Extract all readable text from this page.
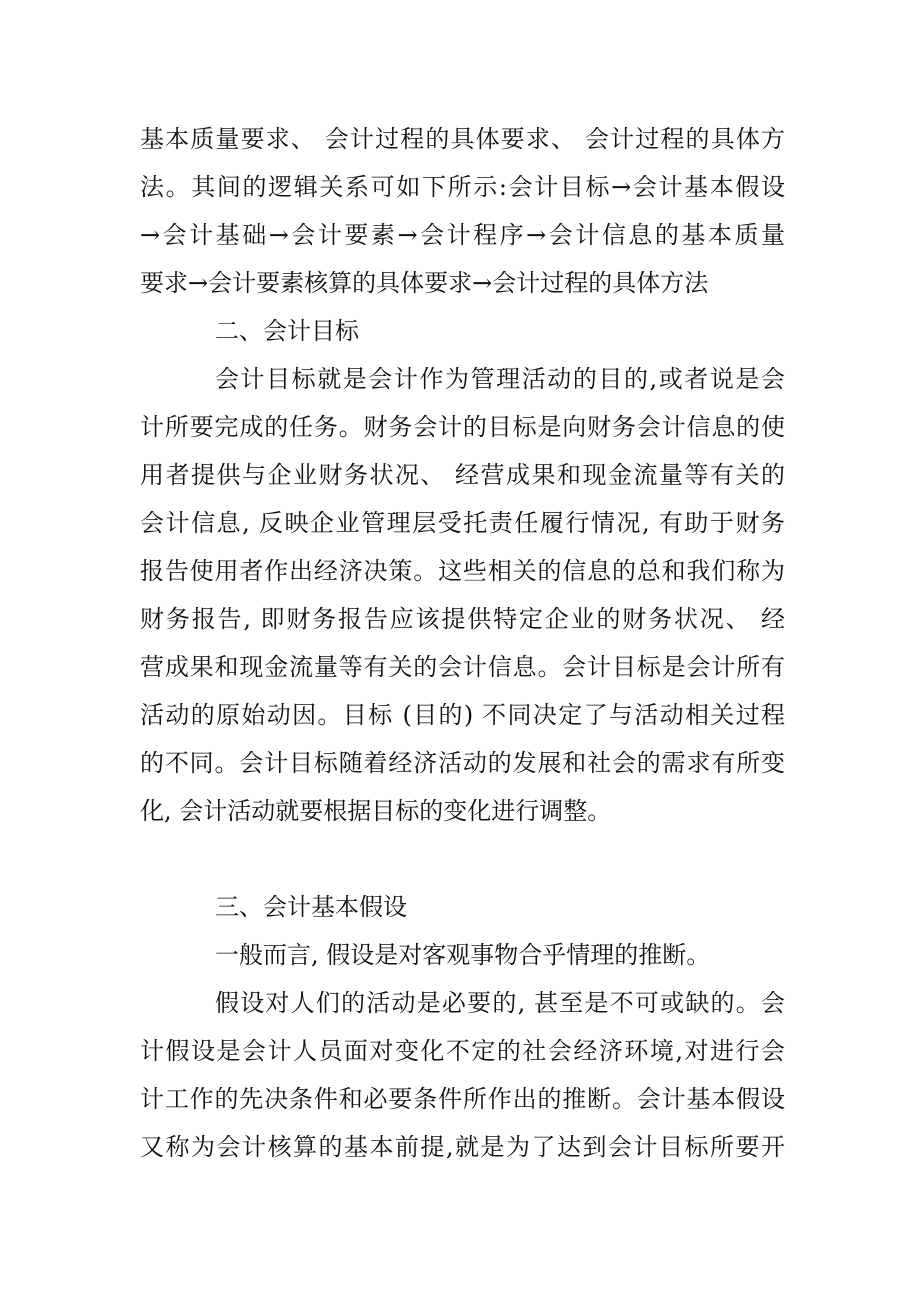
基本质量要求、 会计过程的具体要求、 会计过程的具体方
法。其间的逻辑关系可如下所示:会计目标→会计基本假设
→会计基础→会计要素→会计程序→会计信息的基本质量
要求→会计要素核算的具体要求→会计过程的具体方法
二、会计目标
会计目标就是会计作为管理活动的目的,或者说是会
计所要完成的任务。财务会计的目标是向财务会计信息的使
用者提供与企业财务状况、 经营成果和现金流量等有关的
会计信息, 反映企业管理层受托责任履行情况, 有助于财务
报告使用者作出经济决策。这些相关的信息的总和我们称为
财务报告, 即财务报告应该提供特定企业的财务状况、 经
营成果和现金流量等有关的会计信息。会计目标是会计所有
活动的原始动因。目标 (目的) 不同决定了与活动相关过程
的不同。会计目标随着经济活动的发展和社会的需求有所变
化, 会计活动就要根据目标的变化进行调整。
三、会计基本假设
一般而言, 假设是对客观事物合乎情理的推断。
假设对人们的活动是必要的, 甚至是不可或缺的。会
计假设是会计人员面对变化不定的社会经济环境,对进行会
计工作的先决条件和必要条件所作出的推断。会计基本假设
又称为会计核算的基本前提,就是为了达到会计目标所要开
